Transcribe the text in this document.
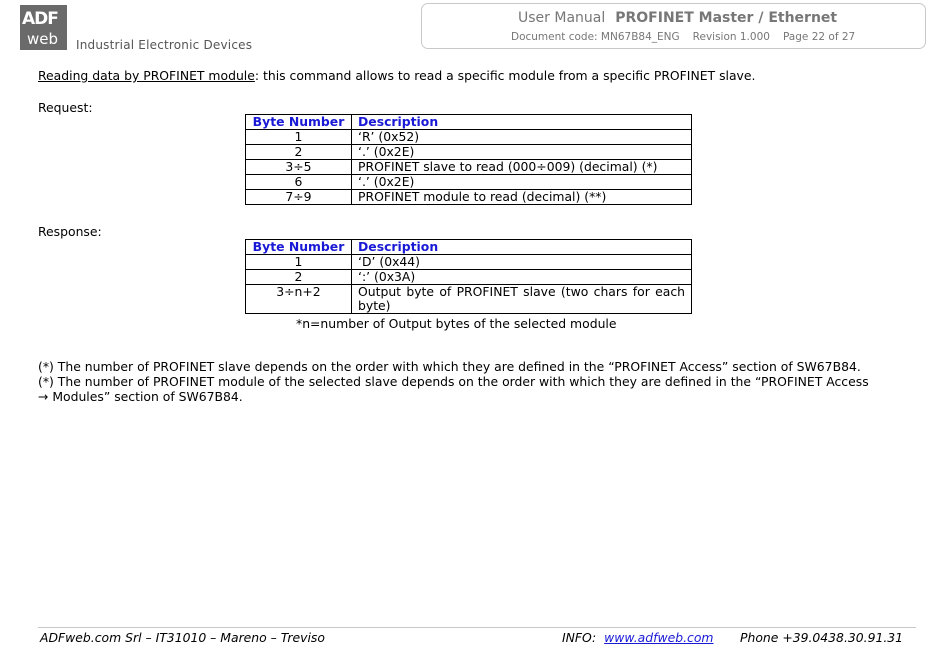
ADF
web Industrial Electronic Devices
User Manual PROFINET Master / Ethernet
Document code: MN67B84_ENG Revision 1.000 Page 22 of 27
Reading data by PROFINET module: this command allows to read a specific module from a specific PROFINET slave.
Request:
Byte Number	Description
1	‘R’ (0x52)
2	‘.’ (0x2E)
3÷5	PROFINET slave to read (000÷009) (decimal) (*)
6	‘.’ (0x2E)
7÷9	PROFINET module to read (decimal) (**)
Response:
Byte Number	Description
1	‘D’ (0x44)
2	‘:’ (0x3A)
3÷n+2	Output byte of PROFINET slave (two chars for each byte)
*n=number of Output bytes of the selected module
(*) The number of PROFINET slave depends on the order with which they are defined in the “PROFINET Access” section of SW67B84.
(*) The number of PROFINET module of the selected slave depends on the order with which they are defined in the “PROFINET Access → Modules” section of SW67B84.
ADFweb.com Srl – IT31010 – Mareno – Treviso	INFO: www.adfweb.com Phone +39.0438.30.91.31
